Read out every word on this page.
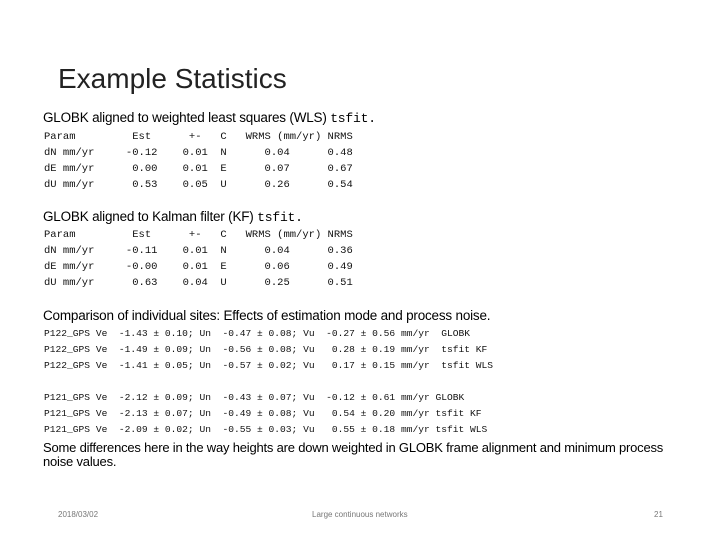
Example Statistics
GLOBK aligned to weighted least squares (WLS) tsfit.
Param         Est      +-   C   WRMS (mm/yr) NRMS
dN mm/yr     -0.12    0.01  N      0.04      0.48
dE mm/yr      0.00    0.01  E      0.07      0.67
dU mm/yr      0.53    0.05  U      0.26      0.54
GLOBK aligned to Kalman filter (KF) tsfit.
Param         Est      +-   C   WRMS (mm/yr) NRMS
dN mm/yr     -0.11    0.01  N      0.04      0.36
dE mm/yr     -0.00    0.01  E      0.06      0.49
dU mm/yr      0.63    0.04  U      0.25      0.51
Comparison of individual sites: Effects of estimation mode and process noise.
P122_GPS Ve  -1.43 ± 0.10; Un  -0.47 ± 0.08; Vu  -0.27 ± 0.56 mm/yr  GLOBK
P122_GPS Ve  -1.49 ± 0.09; Un  -0.56 ± 0.08; Vu   0.28 ± 0.19 mm/yr  tsfit KF
P122_GPS Ve  -1.41 ± 0.05; Un  -0.57 ± 0.02; Vu   0.17 ± 0.15 mm/yr  tsfit WLS
P121_GPS Ve  -2.12 ± 0.09; Un  -0.43 ± 0.07; Vu  -0.12 ± 0.61 mm/yr GLOBK
P121_GPS Ve  -2.13 ± 0.07; Un  -0.49 ± 0.08; Vu   0.54 ± 0.20 mm/yr tsfit KF
P121_GPS Ve  -2.09 ± 0.02; Un  -0.55 ± 0.03; Vu   0.55 ± 0.18 mm/yr tsfit WLS
Some differences here in the way heights are down weighted in GLOBK frame alignment and minimum process noise values.
2018/03/02	Large continuous networks	21
